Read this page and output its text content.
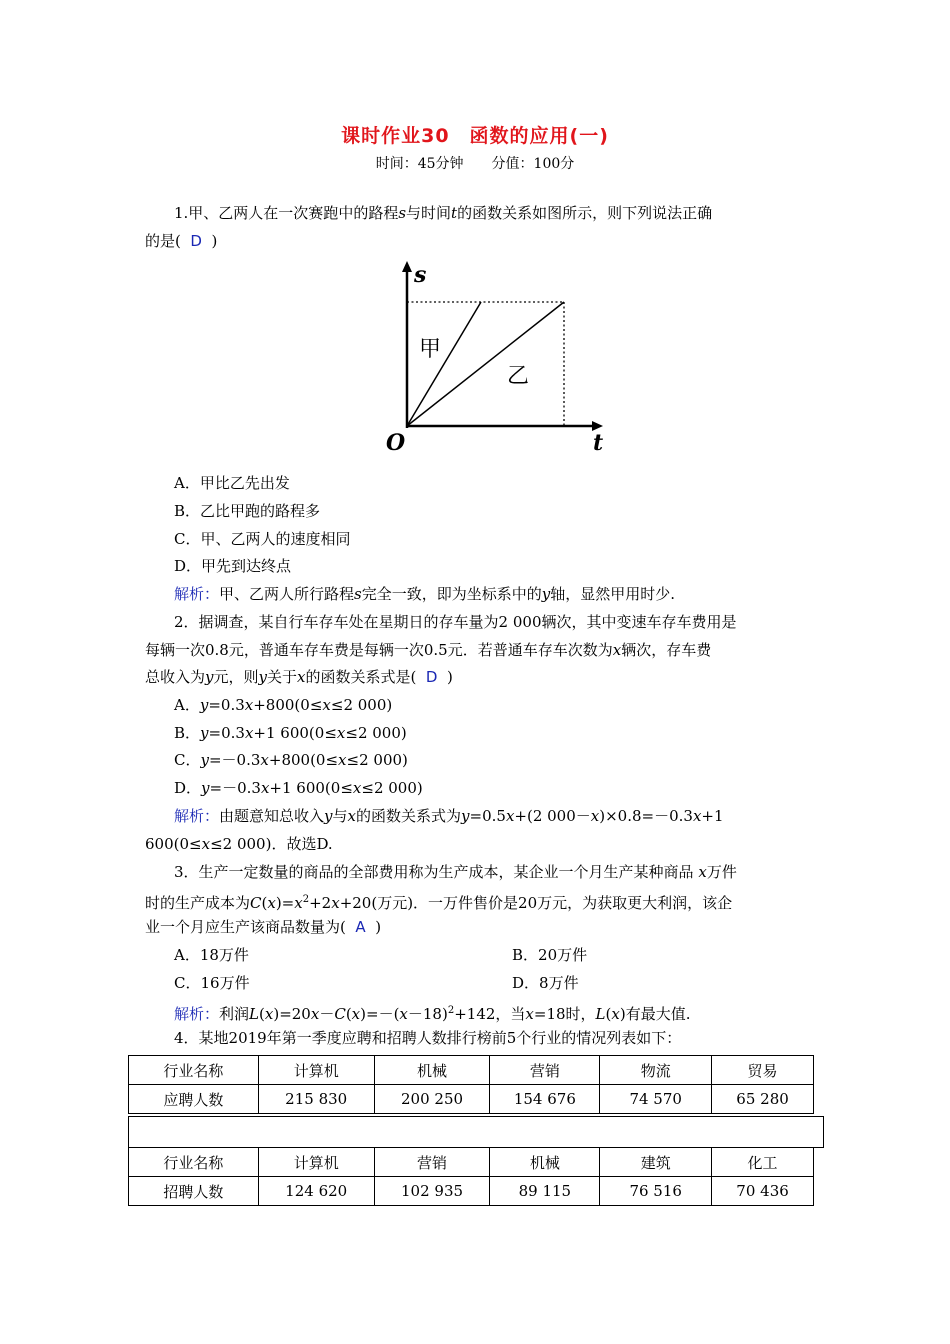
课时作业30　函数的应用(一)
时间：45分钟　　分值：100分
1.甲、乙两人在一次赛跑中的路程s与时间t的函数关系如图所示，则下列说法正确
的是( D )
s
t
O
甲
乙
A．甲比乙先出发
B．乙比甲跑的路程多
C．甲、乙两人的速度相同
D．甲先到达终点
解析：甲、乙两人所行路程s完全一致，即为坐标系中的y轴，显然甲用时少.
2．据调查，某自行车存车处在星期日的存车量为2 000辆次，其中变速车存车费用是
每辆一次0.8元，普通车存车费是每辆一次0.5元．若普通车存车次数为x辆次，存车费
总收入为y元，则y关于x的函数关系式是( D )
A．y=0.3x+800(0≤x≤2 000)
B．y=0.3x+1 600(0≤x≤2 000)
C．y=－0.3x+800(0≤x≤2 000)
D．y=－0.3x+1 600(0≤x≤2 000)
解析：由题意知总收入y与x的函数关系式为y=0.5x+(2 000－x)×0.8=－0.3x+1
600(0≤x≤2 000)．故选D.
3．生产一定数量的商品的全部费用称为生产成本，某企业一个月生产某种商品 x万件
时的生产成本为$C(x)=x^2+2x+20$(万元)．一万件售价是20万元，为获取更大利润，该企
业一个月应生产该商品数量为( A )
A．18万件	B．20万件
C．16万件	D．8万件
解析：利润$L(x)=20x-C(x)=-(x-18)^2+142$，当x=18时，L(x)有最大值.
4．某地2019年第一季度应聘和招聘人数排行榜前5个行业的情况列表如下：
行业名称	计算机	机械	营销	物流	贸易
应聘人数	215 830	200 250	154 676	74 570	65 280
行业名称	计算机	营销	机械	建筑	化工
招聘人数	124 620	102 935	89 115	76 516	70 436
